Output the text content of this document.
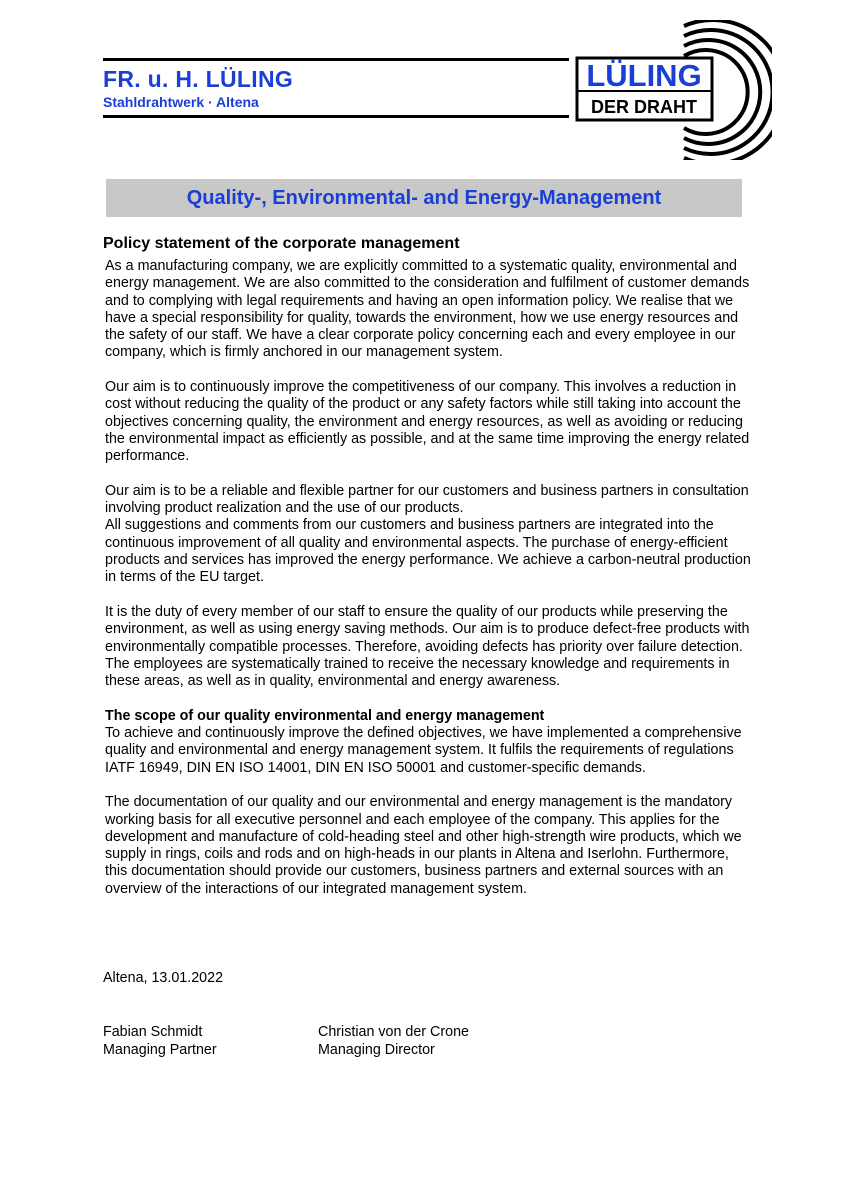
FR. u. H. LÜLING
Stahldrahtwerk · Altena
LÜLING
DER DRAHT
Quality-, Environmental- and Energy-Management
Policy statement of the corporate management

As a manufacturing company, we are explicitly committed to a systematic quality, environmental and energy management. We are also committed to the consideration and fulfilment of customer demands and to complying with legal requirements and having an open information policy. We realise that we have a special responsibility for quality, towards the environment, how we use energy resources and the safety of our staff. We have a clear corporate policy concerning each and every employee in our company, which is firmly anchored in our management system.

Our aim is to continuously improve the competitiveness of our company. This involves a reduction in cost without reducing the quality of the product or any safety factors while still taking into account the objectives concerning quality, the environment and energy resources, as well as avoiding or reducing the environmental impact as efficiently as possible, and at the same time improving the energy related performance.

Our aim is to be a reliable and flexible partner for our customers and business partners in consultation involving product realization and the use of our products.

All suggestions and comments from our customers and business partners are integrated into the continuous improvement of all quality and environmental aspects. The purchase of energy-efficient products and services has improved the energy performance. We achieve a carbon-neutral production in terms of the EU target.

It is the duty of every member of our staff to ensure the quality of our products while preserving the environment, as well as using energy saving methods. Our aim is to produce defect-free products with environmentally compatible processes. Therefore, avoiding defects has priority over failure detection.

The employees are systematically trained to receive the necessary knowledge and requirements in these areas, as well as in quality, environmental and energy awareness.

The scope of our quality environmental and energy management
To achieve and continuously improve the defined objectives, we have implemented a comprehensive quality and environmental and energy management system. It fulfils the requirements of regulations IATF 16949, DIN EN ISO 14001, DIN EN ISO 50001 and customer-specific demands.

The documentation of our quality and our environmental and energy management is the mandatory working basis for all executive personnel and each employee of the company. This applies for the development and manufacture of cold-heading steel and other high-strength wire products, which we supply in rings, coils and rods and on high-heads in our plants in Altena and Iserlohn. Furthermore, this documentation should provide our customers, business partners and external sources with an overview of the interactions of our integrated management system.

Altena, 13.01.2022
Fabian Schmidt
Managing Partner
Christian von der Crone
Managing Director
